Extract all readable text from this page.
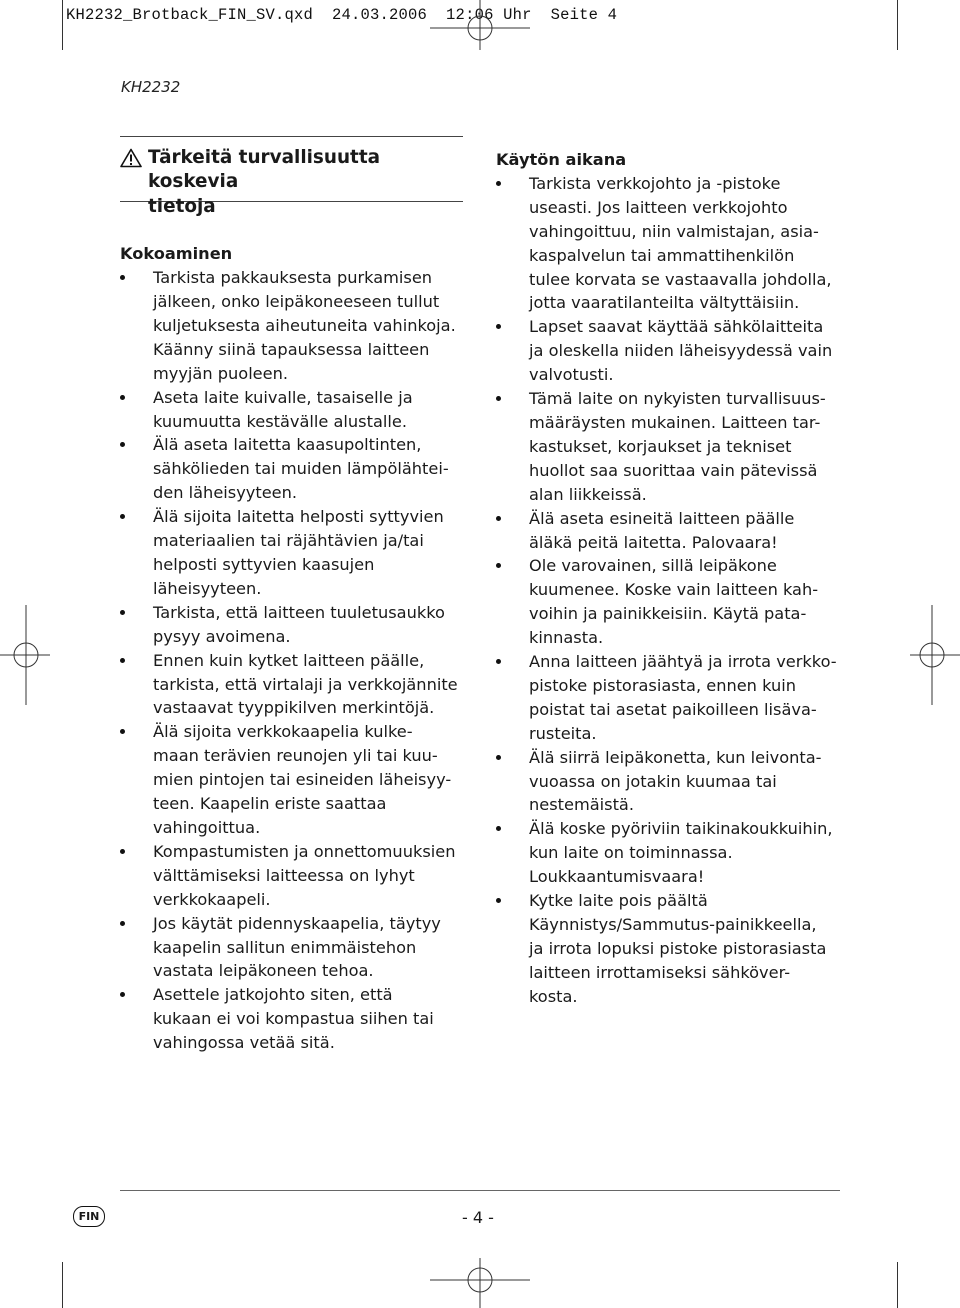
KH2232_Brotback_FIN_SV.qxd  24.03.2006  12:06 Uhr  Seite 4
KH2232
Tärkeitä turvallisuutta koskevia
tietoja

Kokoaminen

Tarkista pakkauksesta purkamisen
jälkeen, onko leipäkoneeseen tullut
kuljetuksesta aiheutuneita vahinkoja.
Käänny siinä tapauksessa laitteen
myyjän puoleen.
Aseta laite kuivalle, tasaiselle ja
kuumuutta kestävälle alustalle.
Älä aseta laitetta kaasupoltinten,
sähkölieden tai muiden lämpölähtei-
den läheisyyteen.
Älä sijoita laitetta helposti syttyvien
materiaalien tai räjähtävien ja/tai
helposti syttyvien kaasujen
läheisyyteen.
Tarkista, että laitteen tuuletusaukko
pysyy avoimena.
Ennen kuin kytket laitteen päälle,
tarkista, että virtalaji ja verkkojännite
vastaavat tyyppikilven merkintöjä.
Älä sijoita verkkokaapelia kulke-
maan terävien reunojen yli tai kuu-
mien pintojen tai esineiden läheisyy-
teen. Kaapelin eriste saattaa
vahingoittua.
Kompastumisten ja onnettomuuksien
välttämiseksi laitteessa on lyhyt
verkkokaapeli.
Jos käytät pidennyskaapelia, täytyy
kaapelin sallitun enimmäistehon
vastata leipäkoneen tehoa.
Asettele jatkojohto siten, että
kukaan ei voi kompastua siihen tai
vahingossa vetää sitä.

Käytön aikana

Tarkista verkkojohto ja -pistoke
useasti. Jos laitteen verkkojohto
vahingoittuu, niin valmistajan, asia-
kaspalvelun tai ammattihenkilön
tulee korvata se vastaavalla johdolla,
jotta vaaratilanteilta vältyttäisiin.
Lapset saavat käyttää sähkölaitteita
ja oleskella niiden läheisyydessä vain
valvotusti.
Tämä laite on nykyisten turvallisuus-
määräysten mukainen. Laitteen tar-
kastukset, korjaukset ja tekniset
huollot saa suorittaa vain pätevissä
alan liikkeissä.
Älä aseta esineitä laitteen päälle
äläkä peitä laitetta. Palovaara!
Ole varovainen, sillä leipäkone
kuumenee. Koske vain laitteen kah-
voihin ja painikkeisiin. Käytä pata-
kinnasta.
Anna laitteen jäähtyä ja irrota verkko-
pistoke pistorasiasta, ennen kuin
poistat tai asetat paikoilleen lisäva-
rusteita.
Älä siirrä leipäkonetta, kun leivonta-
vuoassa on jotakin kuumaa tai
nestemäistä.
Älä koske pyöriviin taikinakoukkuihin,
kun laite on toiminnassa.
Loukkaantumisvaara!
Kytke laite pois päältä
Käynnistys/Sammutus-painikkeella,
ja irrota lopuksi pistoke pistorasiasta
laitteen irrottamiseksi sähköver-
kosta.
FIN	- 4 -
